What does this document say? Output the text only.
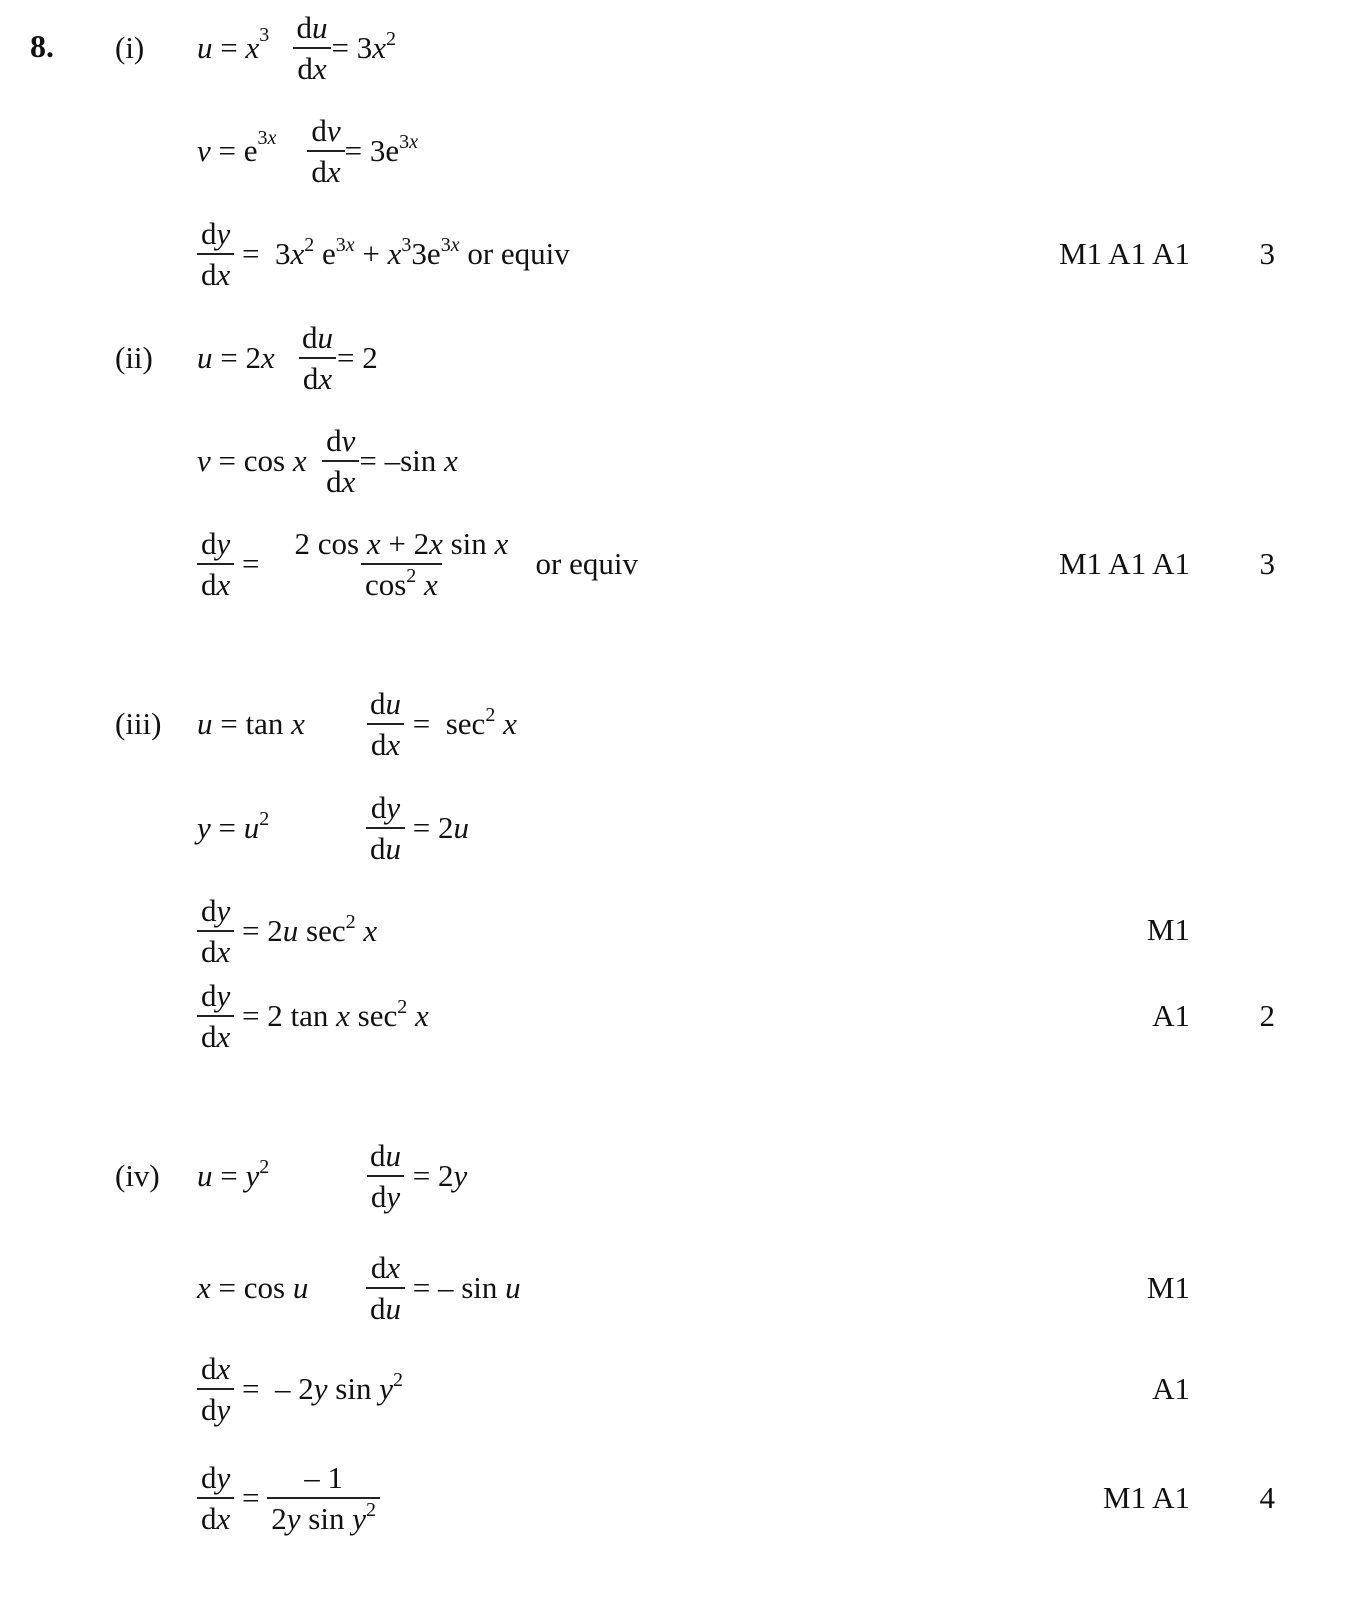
8. (i) $u = x^3$
$\frac{du}{dx} = 3x^2$
$v = e^{3x}$
$\frac{dv}{dx} = 3e^{3x}$
$\frac{dy}{dx} = 3x^2$ $e^{3x} + x^33e^{3x}$ or equiv	M1 A1 A1	3
(ii) u = 2 x
$\frac{du}{dx} = 2$
v = cos x
$\frac{dv}{dx} = -\sin$ x
$\frac{dy}{dx} = \frac{\text{2 cos x + 2x sin x}}{\cos^2 x}$
or equiv	M1 A1 A1	3
(iii) u = tan x $\frac{du}{dx} = \sec^2 x$
$y = u^2$	$\frac{dy}{du} = 2u$
$\frac{dy}{dx} = 2u$ $\sec^2 x$	M1
$\frac{dy}{dx} = 2$ tan x $\sec^2 x$	A1	2
(iv) $u = y^2$	$\frac{du}{dy} = 2y$
x = cos u $\frac{dx}{du}$ = – sin u	M1
$\frac{dx}{dy}$ =  – 2y $\sin y^2$	A1
$\frac{dy}{dx} = \frac{- 1}{2y \sin y^2}$	M1 A1	4
